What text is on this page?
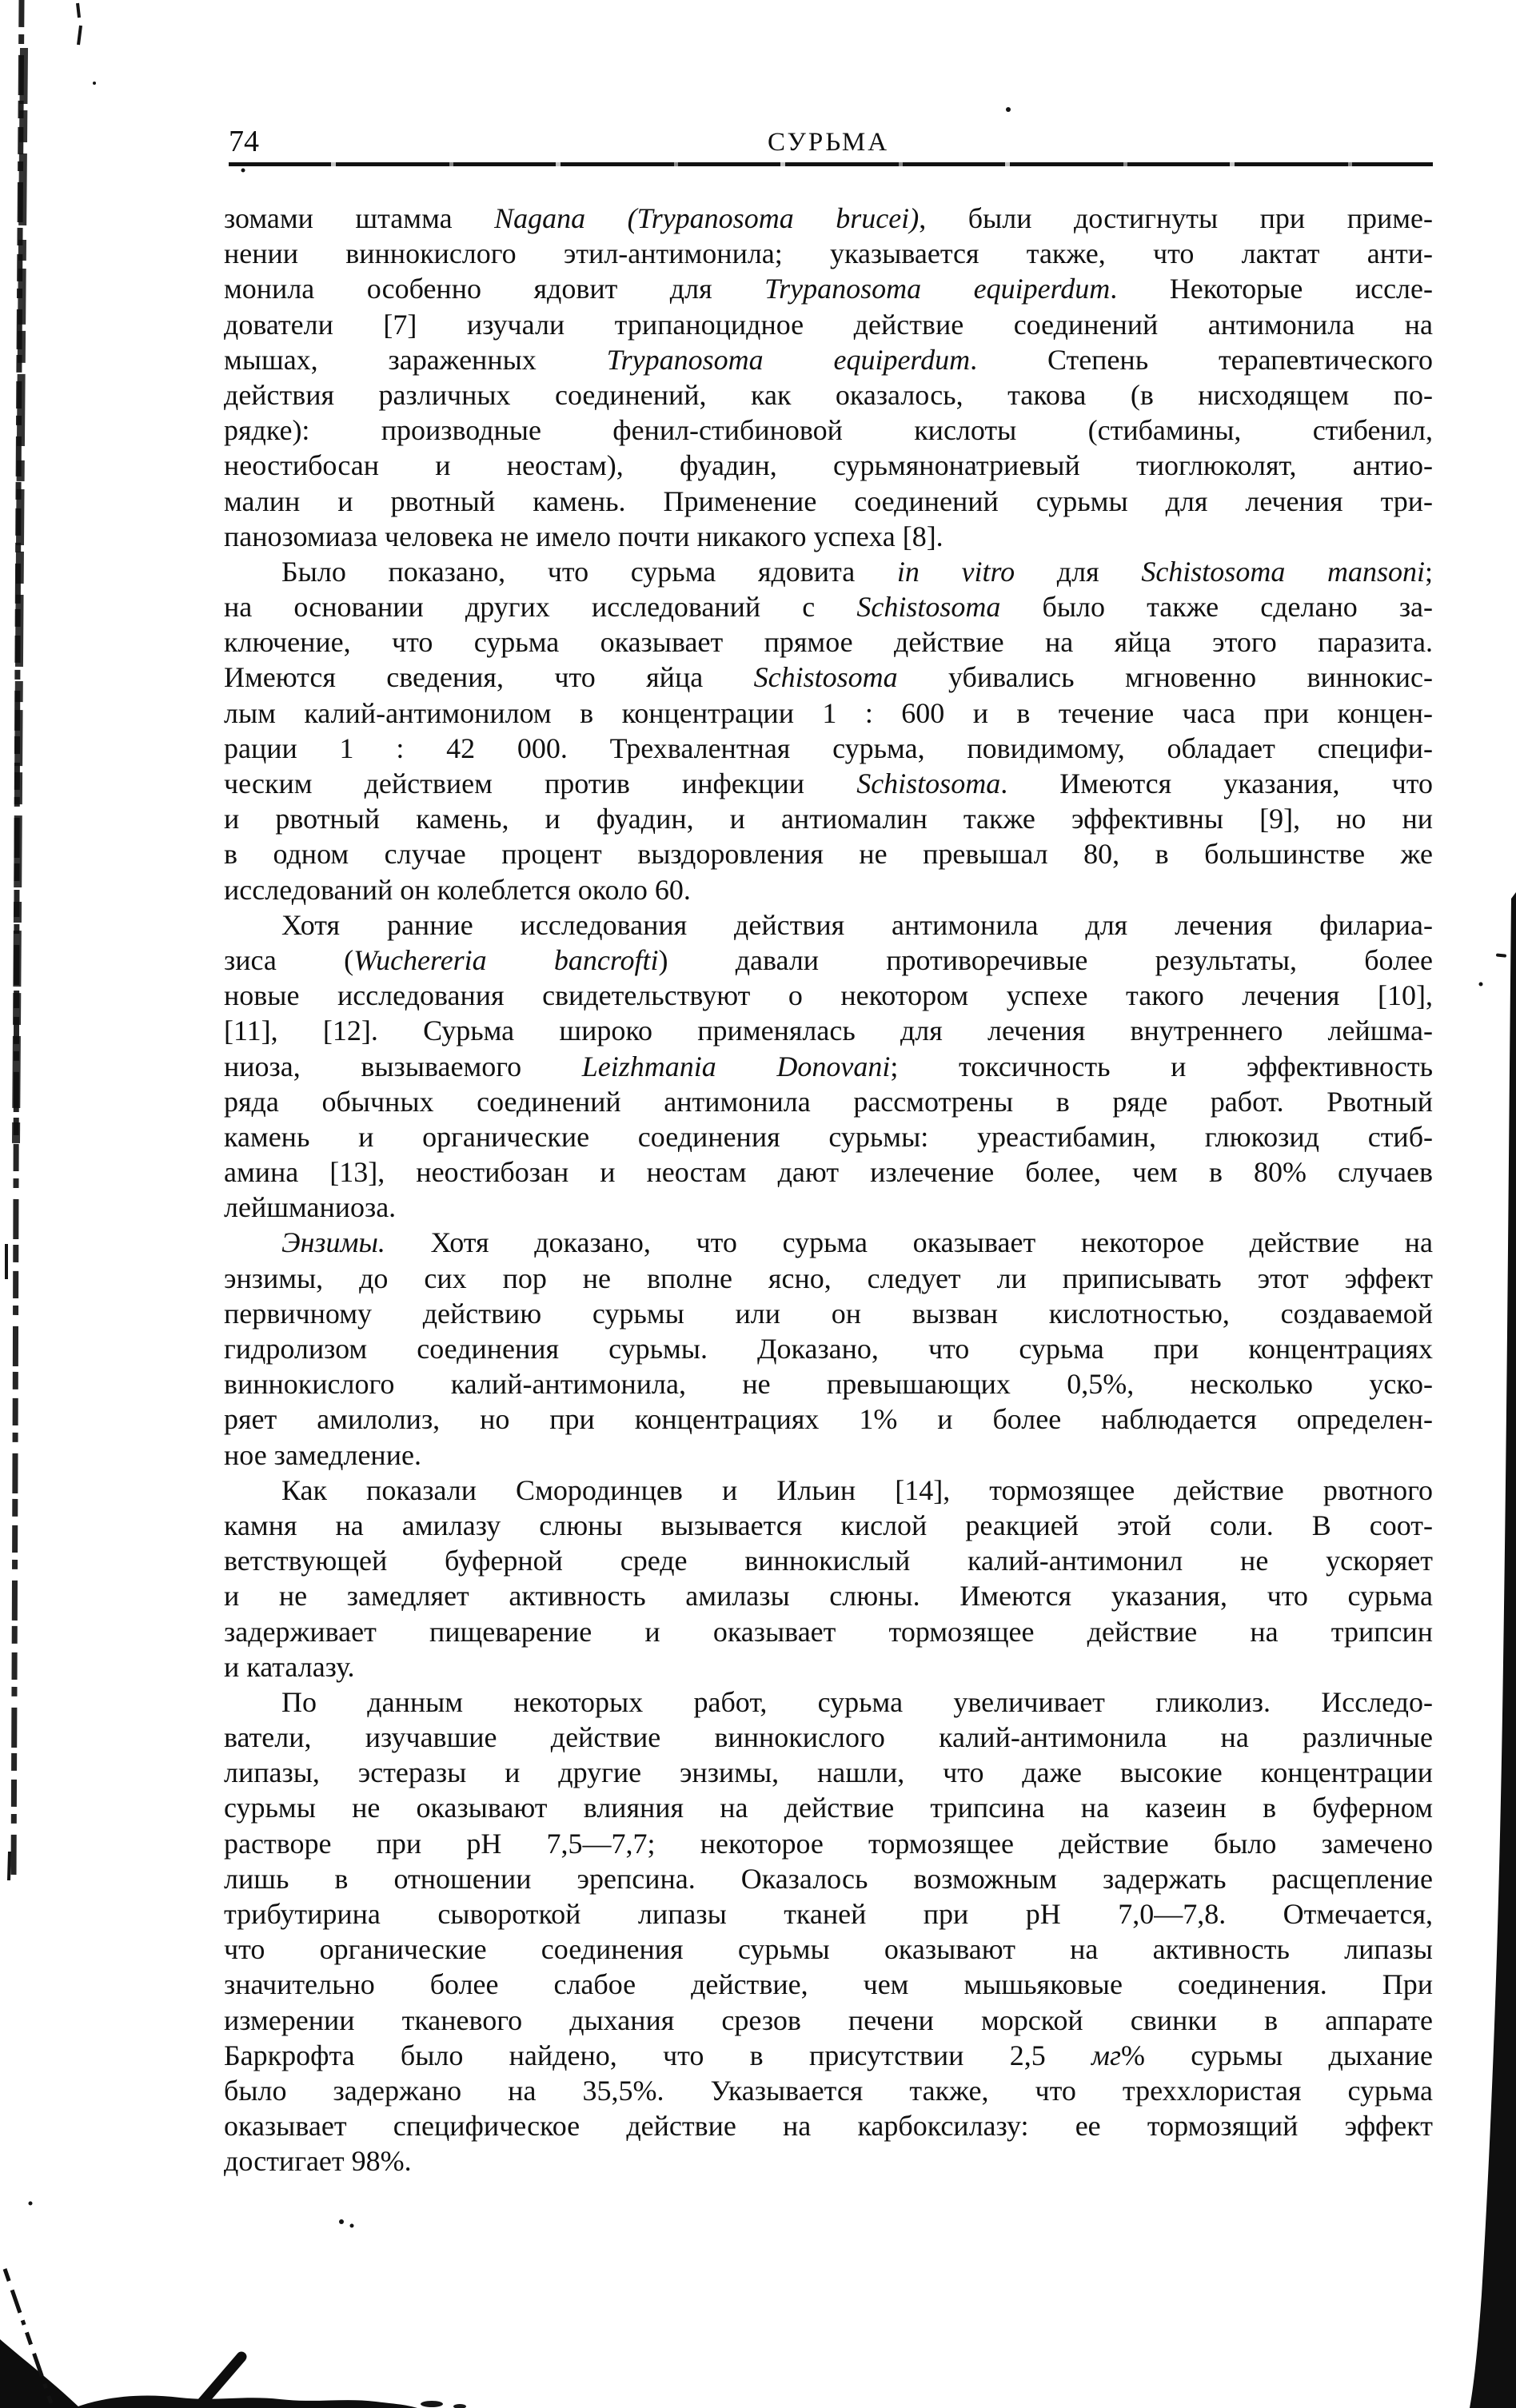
74	СУРЬМА
зомами штамма Nagana (Trypanosoma brucei), были достигнуты при приме-
нении виннокислого этил-антимонила; указывается также, что лактат анти-
монила особенно ядовит для Trypanosoma equiperdum. Некоторые иссле-
дователи [7] изучали трипаноцидное действие соединений антимонила на
мышах, зараженных Trypanosoma equiperdum. Степень терапевтического
действия различных соединений, как оказалось, такова (в нисходящем по-
рядке): производные фенил-стибиновой кислоты (стибамины, стибенил,
неостибосан и неостам), фуадин, сурьмянонатриевый тиоглюколят, антио-
малин и рвотный камень. Применение соединений сурьмы для лечения три-
панозомиаза человека не имело почти никакого успеха [8].
Было показано, что сурьма ядовита in vitro для Schistosoma mansoni;
на основании других исследований с Schistosoma было также сделано за-
ключение, что сурьма оказывает прямое действие на яйца этого паразита.
Имеются сведения, что яйца Schistosoma убивались мгновенно виннокис-
лым калий-антимонилом в концентрации 1 : 600 и в течение часа при концен-
рации 1 : 42 000. Трехвалентная сурьма, повидимому, обладает специфи-
ческим действием против инфекции Schistosoma. Имеются указания, что
и рвотный камень, и фуадин, и антиомалин также эффективны [9], но ни
в одном случае процент выздоровления не превышал 80, в большинстве же
исследований он колеблется около 60.
Хотя ранние исследования действия антимонила для лечения филариа-
зиса (Wuchereria bancrofti) давали противоречивые результаты, более
новые исследования свидетельствуют о некотором успехе такого лечения [10],
[11], [12]. Сурьма широко применялась для лечения внутреннего лейшма-
ниоза, вызываемого Leizhmania Donovani; токсичность и эффективность
ряда обычных соединений антимонила рассмотрены в ряде работ. Рвотный
камень и органические соединения сурьмы: уреастибамин, глюкозид стиб-
амина [13], неостибозан и неостам дают излечение более, чем в 80% случаев
лейшманиоза.
Энзимы. Хотя доказано, что сурьма оказывает некоторое действие на
энзимы, до сих пор не вполне ясно, следует ли приписывать этот эффект
первичному действию сурьмы или он вызван кислотностью, создаваемой
гидролизом соединения сурьмы. Доказано, что сурьма при концентрациях
виннокислого калий-антимонила, не превышающих 0,5%, несколько уско-
ряет амилолиз, но при концентрациях 1% и более наблюдается определен-
ное замедление.
Как показали Смородинцев и Ильин [14], тормозящее действие рвотного
камня на амилазу слюны вызывается кислой реакцией этой соли. В соот-
ветствующей буферной среде виннокислый калий-антимонил не ускоряет
и не замедляет активность амилазы слюны. Имеются указания, что сурьма
задерживает пищеварение и оказывает тормозящее действие на трипсин
и каталазу.
По данным некоторых работ, сурьма увеличивает гликолиз. Исследо-
ватели, изучавшие действие виннокислого калий-антимонила на различные
липазы, эстеразы и другие энзимы, нашли, что даже высокие концентрации
сурьмы не оказывают влияния на действие трипсина на казеин в буферном
растворе при pH 7,5—7,7; некоторое тормозящее действие было замечено
лишь в отношении эрепсина. Оказалось возможным задержать расщепление
трибутирина сывороткой липазы тканей при pH 7,0—7,8. Отмечается,
что органические соединения сурьмы оказывают на активность липазы
значительно более слабое действие, чем мышьяковые соединения. При
измерении тканевого дыхания срезов печени морской свинки в аппарате
Баркрофта было найдено, что в присутствии 2,5 мг% сурьмы дыхание
было задержано на 35,5%. Указывается также, что треххлористая сурьма
оказывает специфическое действие на карбоксилазу: ее тормозящий эффект
достигает 98%.
